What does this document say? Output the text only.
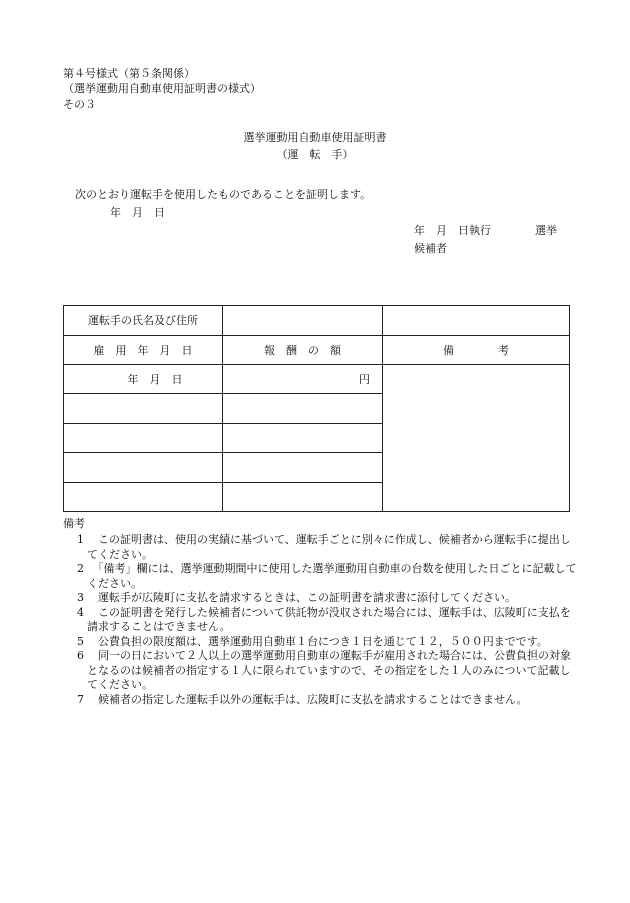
第４号様式（第５条関係）
（選挙運動用自動車使用証明書の様式）
その３
選挙運動用自動車使用証明書
（運　転　手）
次のとおり運転手を使用したものであることを証明します。
年　月　日
年　月　日執行　　　　選挙
候補者
運転手の氏名及び住所		
雇　用　年　月　日	報　酬　の　額	備　　　　考
年　月　日	円	

備考
1 　この証明書は、使用の実績に基づいて、運転手ごとに別々に作成し、候補者から運転手に提出してください。
2 　「備考」欄には、選挙運動期間中に使用した選挙運動用自動車の台数を使用した日ごとに記載してください。
3 　運転手が広陵町に支払を請求するときは、この証明書を請求書に添付してください。
4 　この証明書を発行した候補者について供託物が没収された場合には、運転手は、広陵町に支払を請求することはできません。
5 　公費負担の限度額は、選挙運動用自動車１台につき１日を通じて１２，５００円までです。
6 　同一の日において２人以上の選挙運動用自動車の運転手が雇用された場合には、公費負担の対象となるのは候補者の指定する１人に限られていますので、その指定をした１人のみについて記載してください。
7 　候補者の指定した運転手以外の運転手は、広陵町に支払を請求することはできません。
